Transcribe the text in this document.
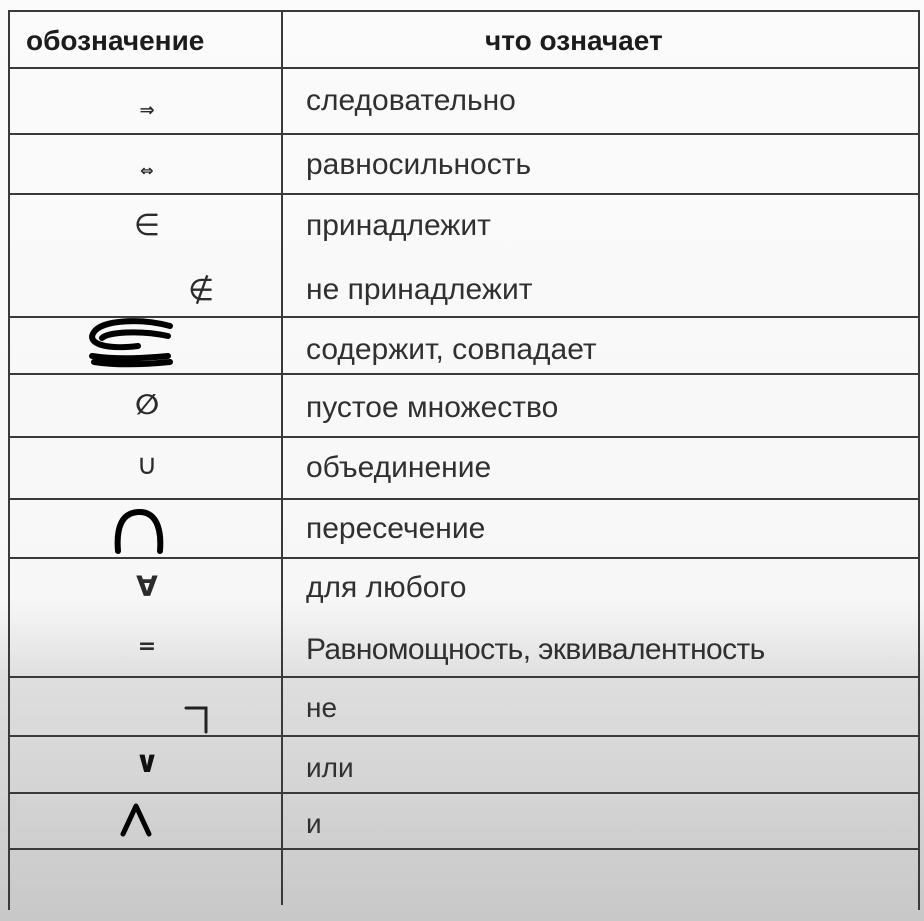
обозначение	что означает
⇒
⇔
∈
∉
∅
∪
∀
=
∨
следовательно
равносильность
принадлежит
не принадлежит
содержит, совпадает
пустое множество
объединение
пересечение
для любого
Равномощность, эквивалентность
не
или
и
